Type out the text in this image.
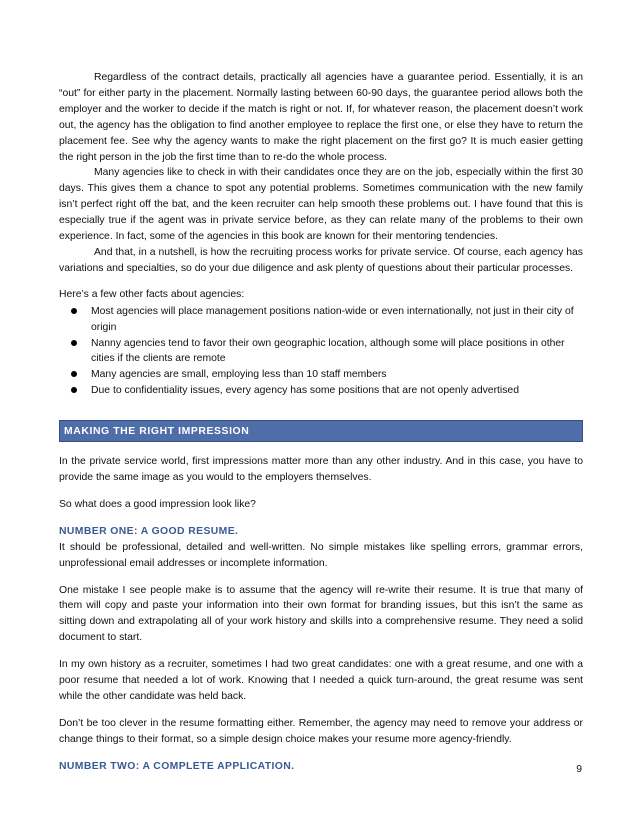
Regardless of the contract details, practically all agencies have a guarantee period. Essentially, it is an “out” for either party in the placement. Normally lasting between 60-90 days, the guarantee period allows both the employer and the worker to decide if the match is right or not. If, for whatever reason, the placement doesn’t work out, the agency has the obligation to find another employee to replace the first one, or else they have to return the placement fee. See why the agency wants to make the right placement on the first go? It is much easier getting the right person in the job the first time than to re-do the whole process.

Many agencies like to check in with their candidates once they are on the job, especially within the first 30 days. This gives them a chance to spot any potential problems. Sometimes communication with the new family isn’t perfect right off the bat, and the keen recruiter can help smooth these problems out. I have found that this is especially true if the agent was in private service before, as they can relate many of the problems to their own experience. In fact, some of the agencies in this book are known for their mentoring tendencies.

And that, in a nutshell, is how the recruiting process works for private service. Of course, each agency has variations and specialties, so do your due diligence and ask plenty of questions about their particular processes.

Here’s a few other facts about agencies:

Most agencies will place management positions nation-wide or even internationally, not just in their city of origin
Nanny agencies tend to favor their own geographic location, although some will place positions in other cities if the clients are remote
Many agencies are small, employing less than 10 staff members
Due to confidentiality issues, every agency has some positions that are not openly advertised
MAKING THE RIGHT IMPRESSION

In the private service world, first impressions matter more than any other industry. And in this case, you have to provide the same image as you would to the employers themselves.

So what does a good impression look like?

NUMBER ONE: A GOOD RESUME.

It should be professional, detailed and well-written. No simple mistakes like spelling errors, grammar errors, unprofessional email addresses or incomplete information.

One mistake I see people make is to assume that the agency will re-write their resume. It is true that many of them will copy and paste your information into their own format for branding issues, but this isn’t the same as sitting down and extrapolating all of your work history and skills into a comprehensive resume. They need a solid document to start.

In my own history as a recruiter, sometimes I had two great candidates: one with a great resume, and one with a poor resume that needed a lot of work. Knowing that I needed a quick turn-around, the great resume was sent while the other candidate was held back.

Don’t be too clever in the resume formatting either. Remember, the agency may need to remove your address or change things to their format, so a simple design choice makes your resume more agency-friendly.

NUMBER TWO: A COMPLETE APPLICATION.	9
